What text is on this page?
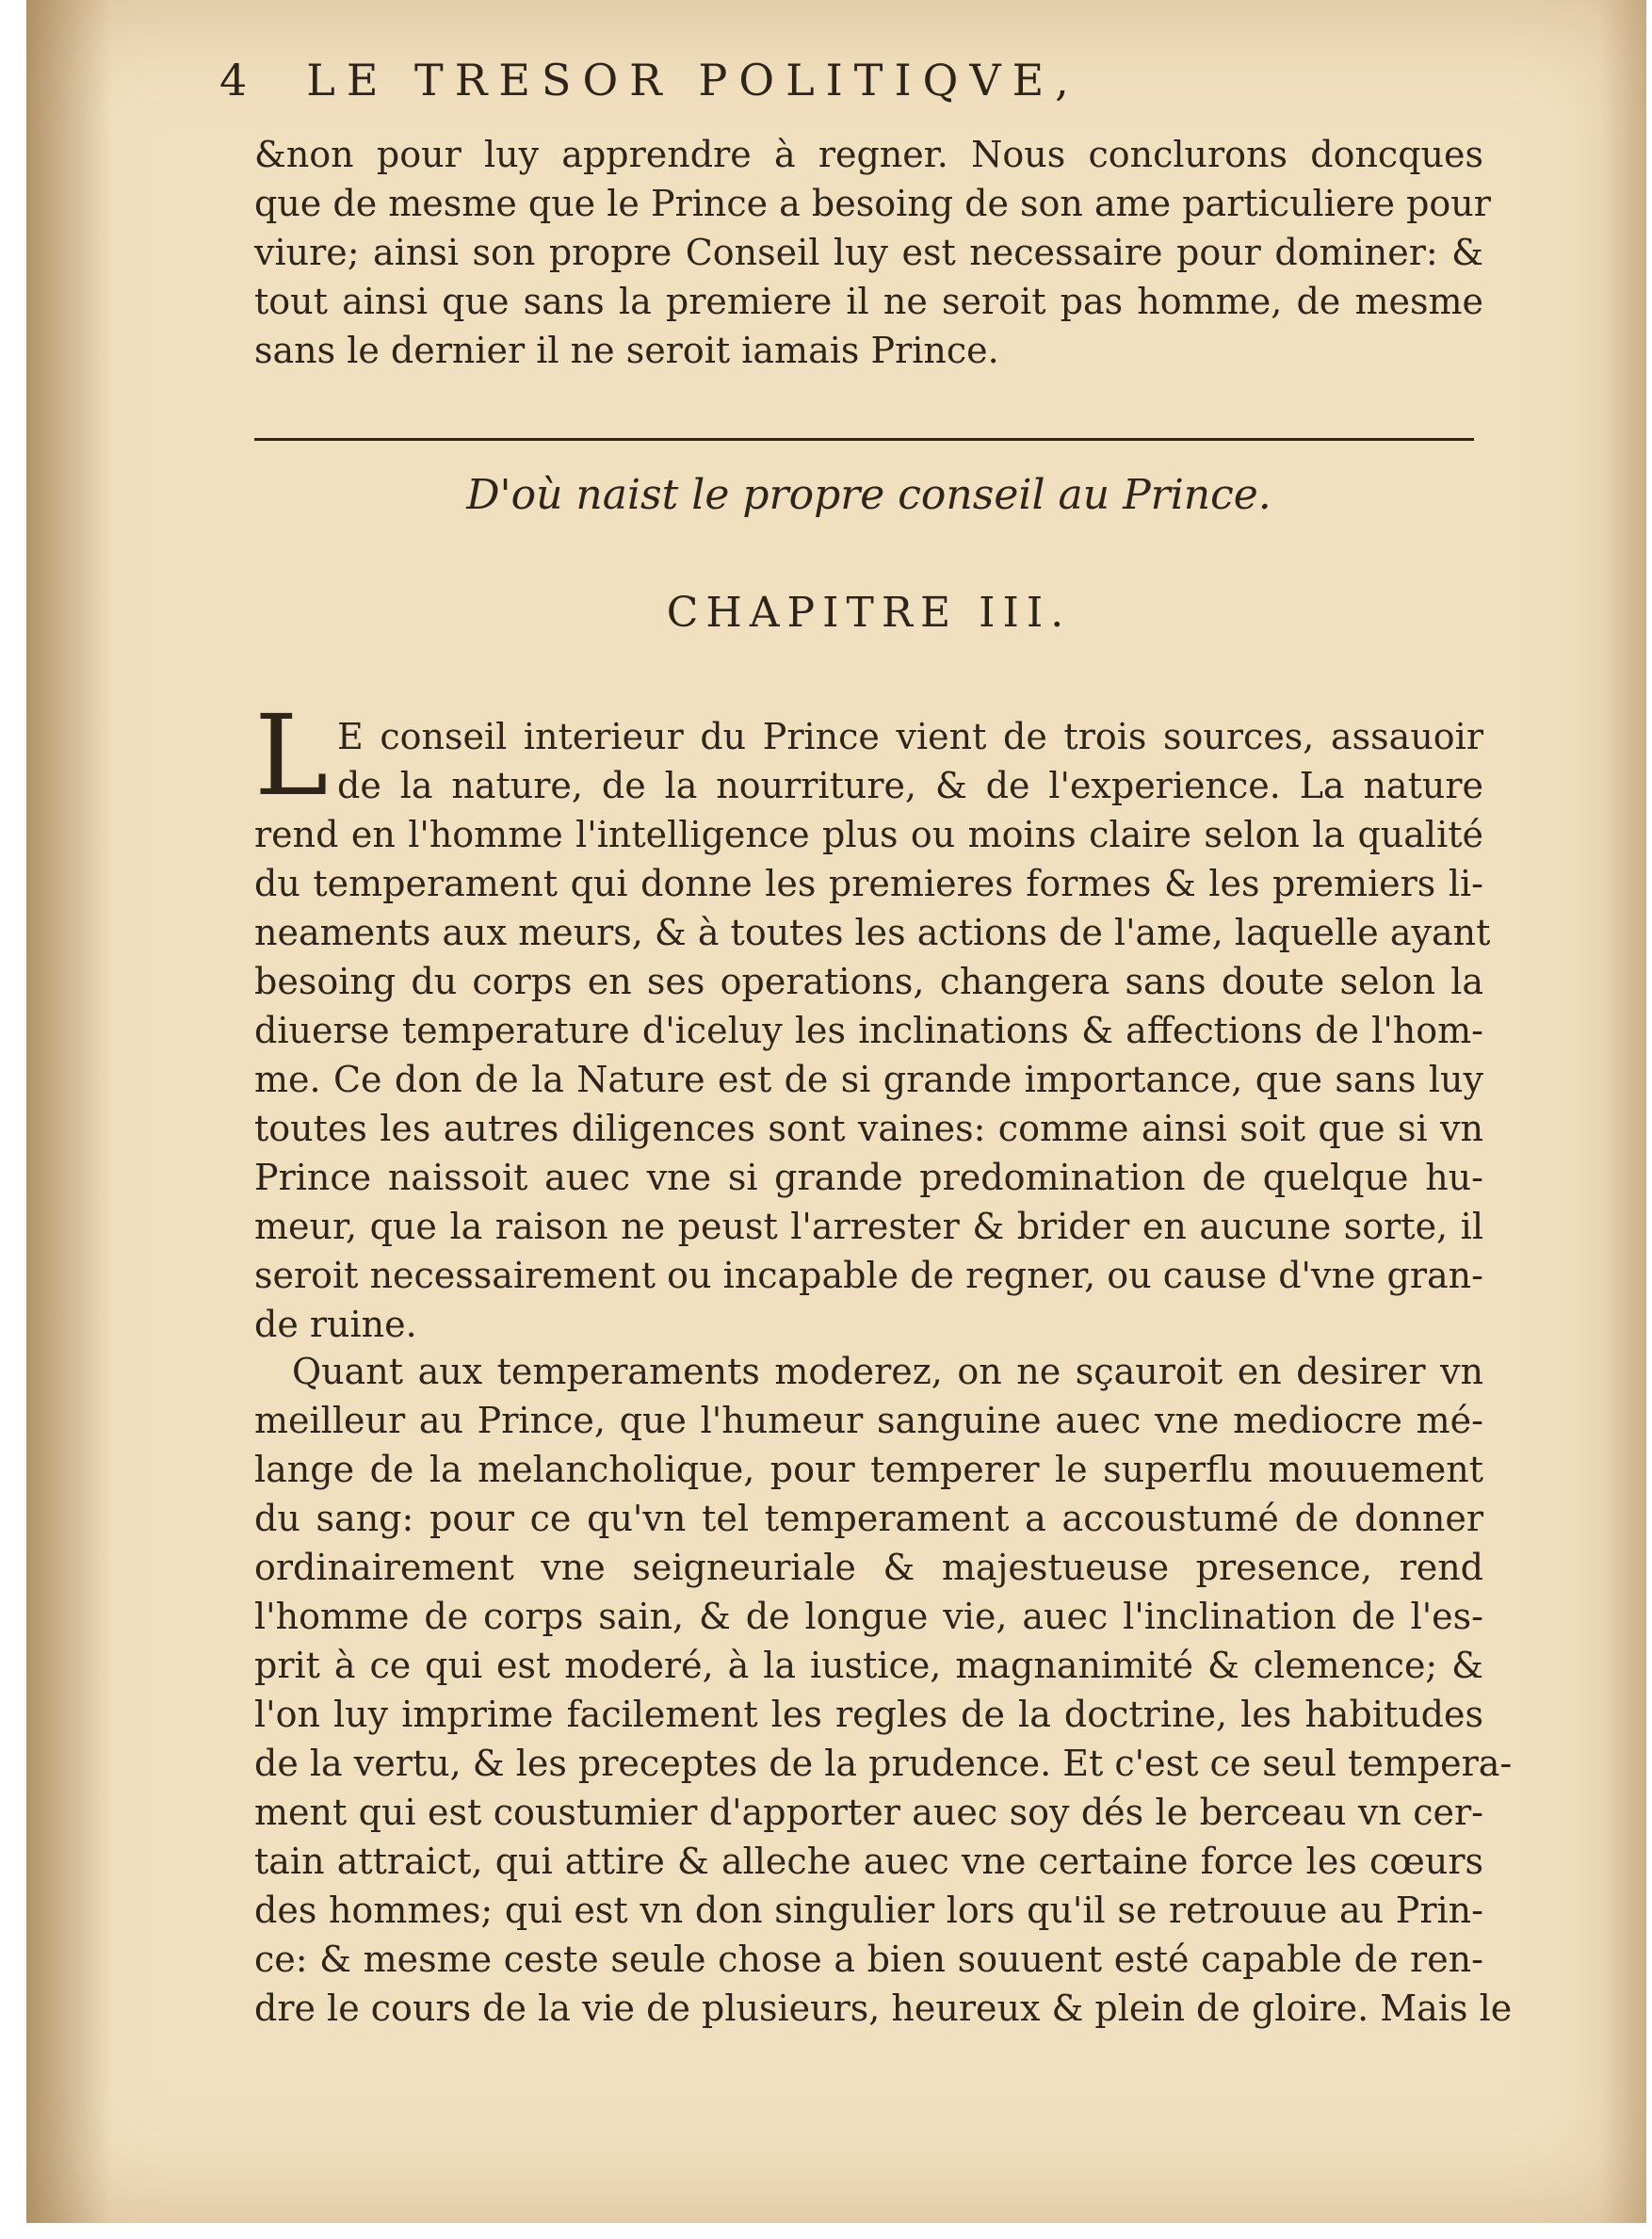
4 LE TRESOR POLITIQVE,
&non pour luy apprendre à regner. Nous conclurons doncques
que de mesme que le Prince a besoing de son ame particuliere pour
viure; ainsi son propre Conseil luy est necessaire pour dominer: &
tout ainsi que sans la premiere il ne seroit pas homme, de mesme
sans le dernier il ne seroit iamais Prince.
D'où naist le propre conseil au Prince.
CHAPITRE III.
L E conseil interieur du Prince vient de trois sources, assauoir
de la nature, de la nourriture, & de l'experience. La nature
rend en l'homme l'intelligence plus ou moins claire selon la qualité
du temperament qui donne les premieres formes & les premiers li-
neaments aux meurs, & à toutes les actions de l'ame, laquelle ayant
besoing du corps en ses operations, changera sans doute selon la
diuerse temperature d'iceluy les inclinations & affections de l'hom-
me. Ce don de la Nature est de si grande importance, que sans luy
toutes les autres diligences sont vaines: comme ainsi soit que si vn
Prince naissoit auec vne si grande predomination de quelque hu-
meur, que la raison ne peust l'arrester & brider en aucune sorte, il
seroit necessairement ou incapable de regner, ou cause d'vne gran-
de ruine.
Quant aux temperaments moderez, on ne sçauroit en desirer vn
meilleur au Prince, que l'humeur sanguine auec vne mediocre mé-
lange de la melancholique, pour temperer le superflu mouuement
du sang: pour ce qu'vn tel temperament a accoustumé de donner
ordinairement vne seigneuriale & majestueuse presence, rend
l'homme de corps sain, & de longue vie, auec l'inclination de l'es-
prit à ce qui est moderé, à la iustice, magnanimité & clemence; &
l'on luy imprime facilement les regles de la doctrine, les habitudes
de la vertu, & les preceptes de la prudence. Et c'est ce seul tempera-
ment qui est coustumier d'apporter auec soy dés le berceau vn cer-
tain attraict, qui attire & alleche auec vne certaine force les cœurs
des hommes; qui est vn don singulier lors qu'il se retrouue au Prin-
ce: & mesme ceste seule chose a bien souuent esté capable de ren-
dre le cours de la vie de plusieurs, heureux & plein de gloire. Mais le
